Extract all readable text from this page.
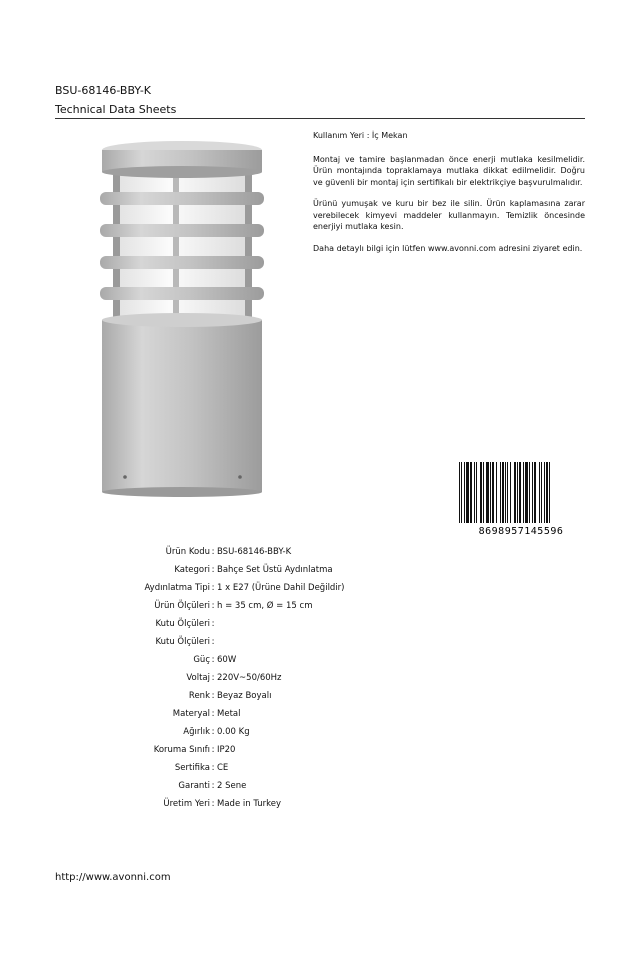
BSU-68146-BBY-K
Technical Data Sheets

Kullanım Yeri : İç Mekan

Montaj ve tamire başlanmadan önce enerji mutlaka kesilmelidir. Ürün montajında topraklamaya mutlaka dikkat edilmelidir. Doğru ve güvenli bir montaj için sertifikalı bir elektrikçiye başvurulmalıdır.

Ürünü yumuşak ve kuru bir bez ile silin. Ürün kaplamasına zarar verebilecek kimyevi maddeler kullanmayın. Temizlik öncesinde enerjiyi mutlaka kesin.

Daha detaylı bilgi için lütfen www.avonni.com adresini ziyaret edin.

8698957145596
Ürün Kodu : BSU-68146-BBY-K
Kategori : Bahçe Set Üstü Aydınlatma
Aydınlatma Tipi : 1 x E27 (Ürüne Dahil Değildir)
Ürün Ölçüleri : h = 35 cm, Ø = 15 cm
Kutu Ölçüleri :
Kutu Ölçüleri :
Güç : 60W
Voltaj : 220V~50/60Hz
Renk : Beyaz Boyalı
Materyal : Metal
Ağırlık : 0.00 Kg
Koruma Sınıfı : IP20
Sertifika : CE
Garanti : 2 Sene
Üretim Yeri : Made in Turkey
http://www.avonni.com
